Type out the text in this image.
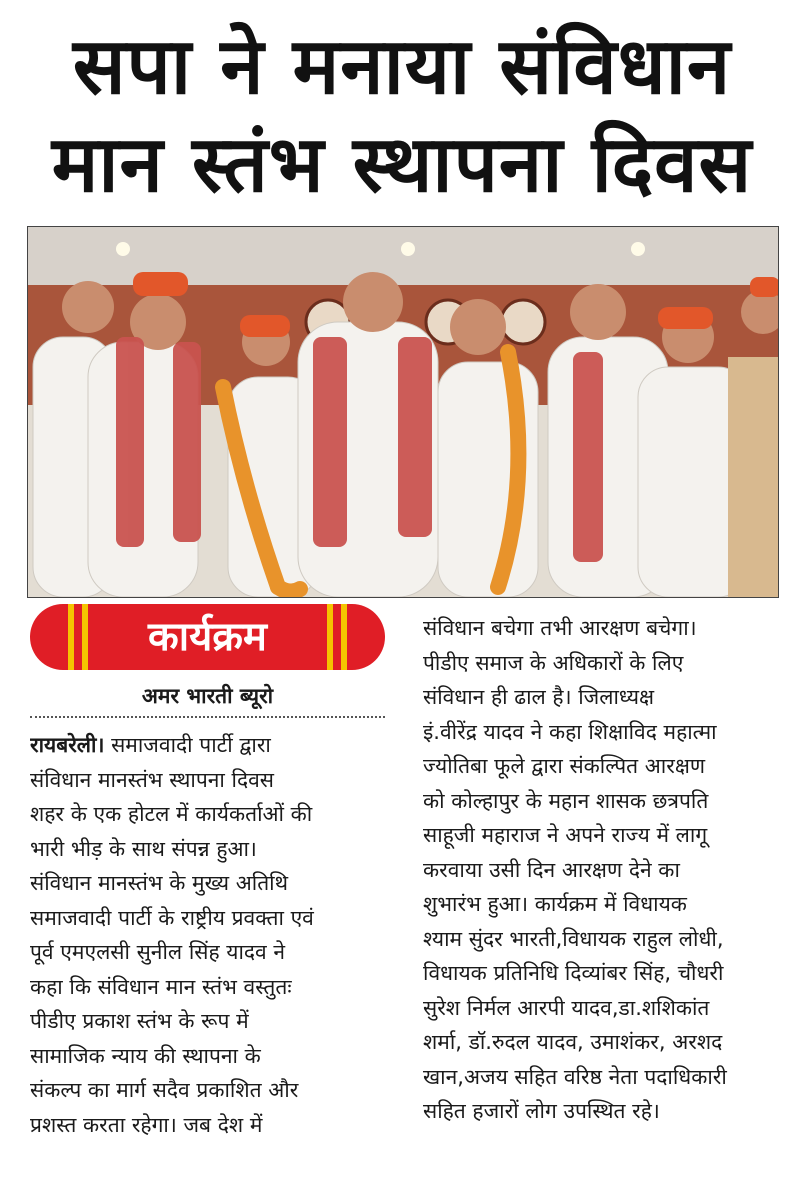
सपा ने मनाया संविधान
मान स्तंभ स्थापना दिवस
कार्यक्रम
अमर भारती ब्यूरो
रायबरेली। समाजवादी पार्टी द्वारा
संविधान मानस्तंभ स्थापना दिवस
शहर के एक होटल में कार्यकर्ताओं की
भारी भीड़ के साथ संपन्न हुआ।
संविधान मानस्तंभ के मुख्य अतिथि
समाजवादी पार्टी के राष्ट्रीय प्रवक्ता एवं
पूर्व एमएलसी सुनील सिंह यादव ने
कहा कि संविधान मान स्तंभ वस्तुतः
पीडीए प्रकाश स्तंभ के रूप में
सामाजिक न्याय की स्थापना के
संकल्प का मार्ग सदैव प्रकाशित और
प्रशस्त करता रहेगा। जब देश में
संविधान बचेगा तभी आरक्षण बचेगा।
पीडीए समाज के अधिकारों के लिए
संविधान ही ढाल है। जिलाध्यक्ष
इं.वीरेंद्र यादव ने कहा शिक्षाविद महात्मा
ज्योतिबा फूले द्वारा संकल्पित आरक्षण
को कोल्हापुर के महान शासक छत्रपति
साहूजी महाराज ने अपने राज्य में लागू
करवाया उसी दिन आरक्षण देने का
शुभारंभ हुआ। कार्यक्रम में विधायक
श्याम सुंदर भारती,विधायक राहुल लोधी,
विधायक प्रतिनिधि दिव्यांबर सिंह, चौधरी
सुरेश निर्मल आरपी यादव,डा.शशिकांत
शर्मा, डॉ.रुदल यादव, उमाशंकर, अरशद
खान,अजय सहित वरिष्ठ नेता पदाधिकारी
सहित हजारों लोग उपस्थित रहे।
